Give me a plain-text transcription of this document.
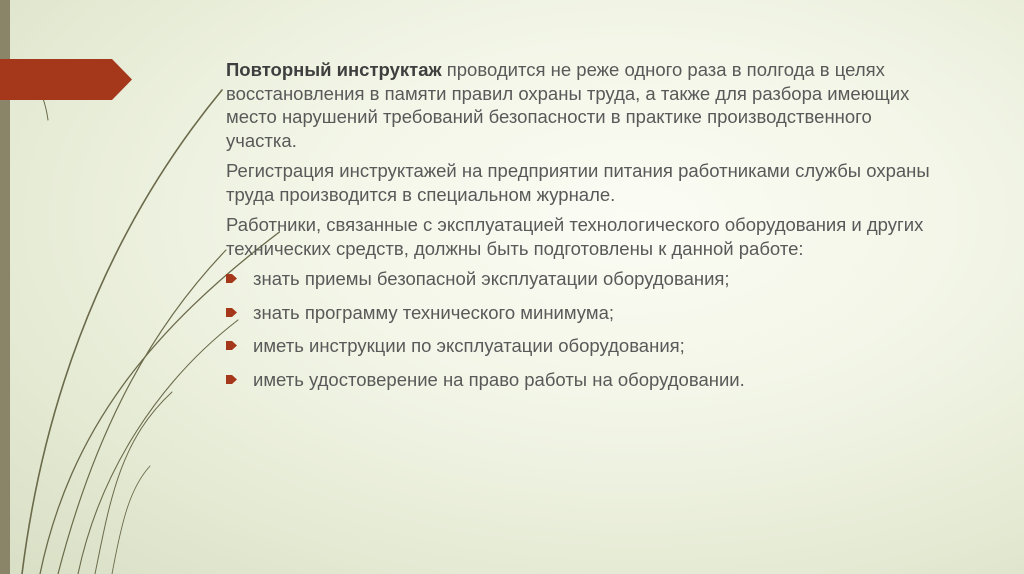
Повторный инструктаж проводится не реже одного раза в полгода в целях восстановления в памяти правил охраны труда, а также для разбора имеющих место нарушений требований безопасности в практике производственного участка.

Регистрация инструктажей на предприятии питания работниками службы охраны труда производится в специальном журнале.

Работники, связанные с эксплуатацией технологического оборудования и других технических средств, должны быть подготовлены к данной работе:

знать приемы безопасной эксплуатации оборудования;
знать программу технического минимума;
иметь инструкции по эксплуатации оборудования;
иметь удостоверение на право работы на оборудовании.
